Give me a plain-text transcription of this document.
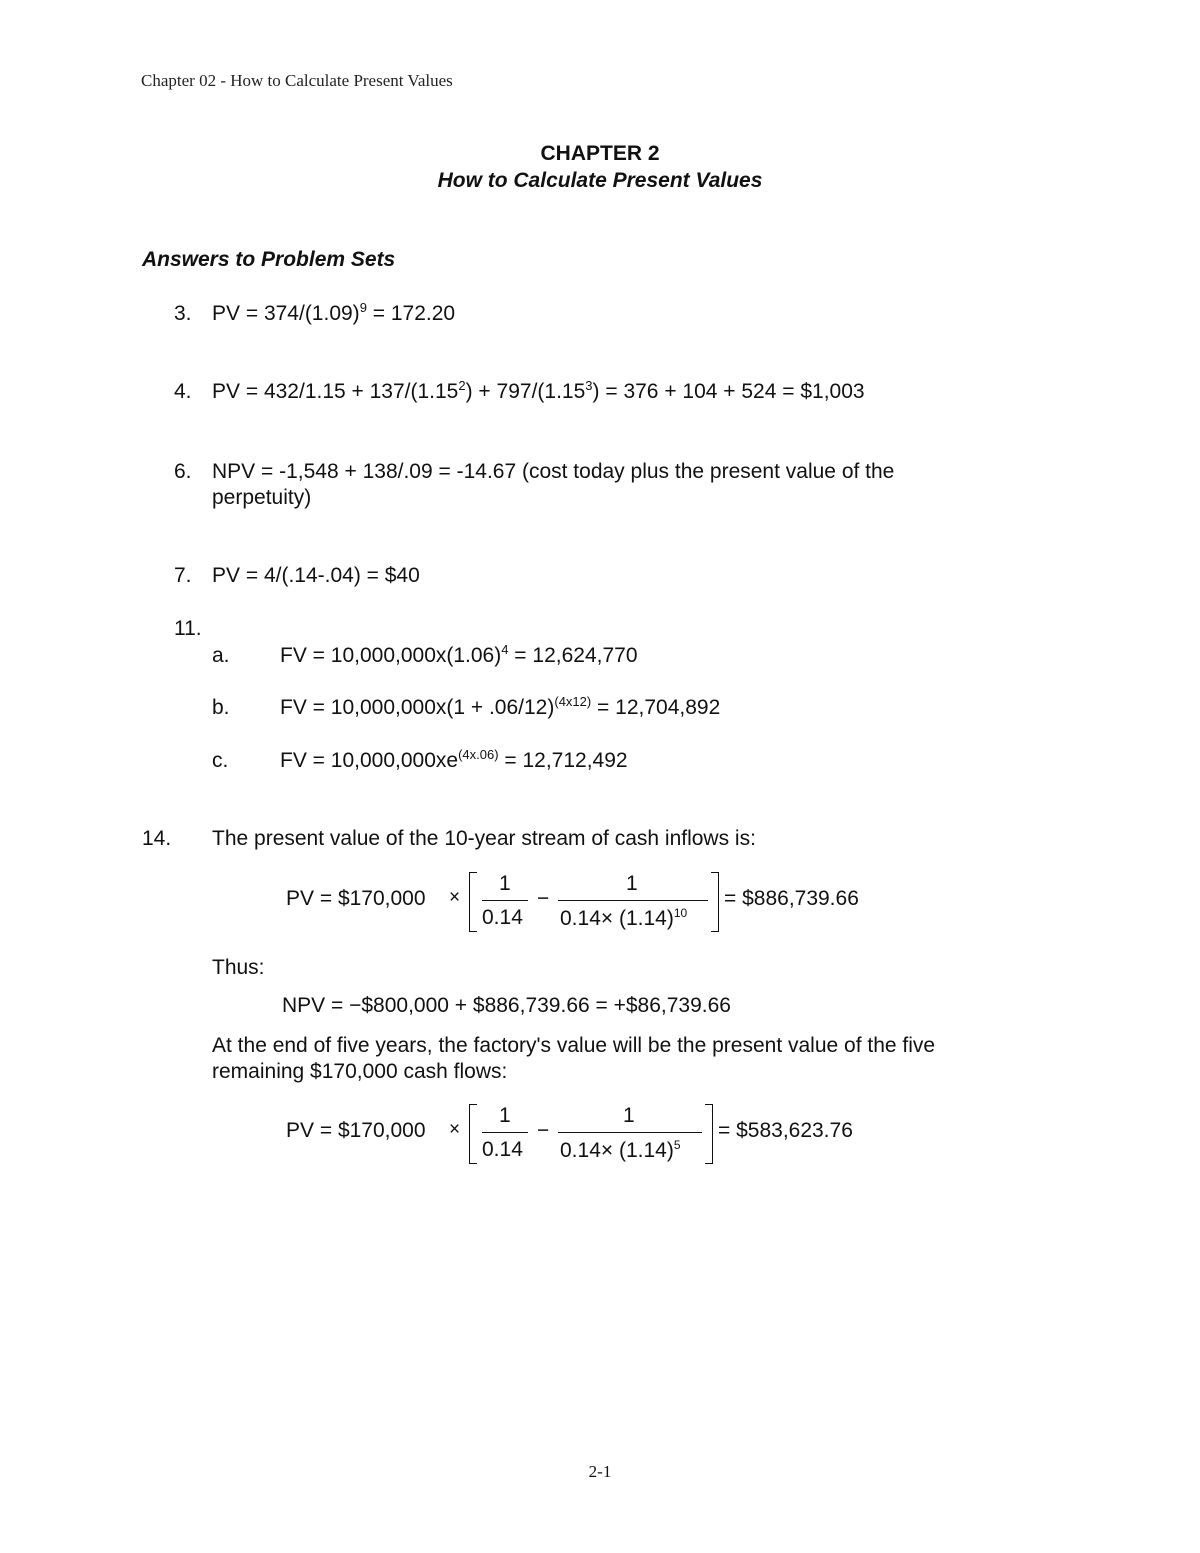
Chapter 02 - How to Calculate Present Values
CHAPTER 2
How to Calculate Present Values
Answers to Problem Sets
3. PV = $374/(1.09)^9 = 172.20$
4. PV = $432/1.15 + 137/(1.15^2) + 797/(1.15^3) = 376 + 104 + 524$ = $1,003
6. NPV = -1,548 + 138/.09 = -14.67 (cost today plus the present value of the
perpetuity)
7. PV = 4/(.14-.04) = $40
11.
a. FV = $10,000,000x(1.06)^4 = 12,624,770$
b. FV = $10,000,000x(1 + .06/12)^{(4x12)} = 12,704,892$
c. FV = $10,000,000xe^{(4x.06)} = 12,712,492$
14. The present value of the 10-year stream of cash inflows is:
PV = $170,000 ×
1
0.14
−
1
$0.14\times (1.14)^{10}$
= $886,739.66
Thus:
NPV = −$800,000 + $886,739.66 = +$86,739.66
At the end of five years, the factory's value will be the present value of the five
remaining $170,000 cash flows:
PV = $170,000 ×
1
0.14
−
1
$0.14\times (1.14)^5$
= $583,623.76
2-1
